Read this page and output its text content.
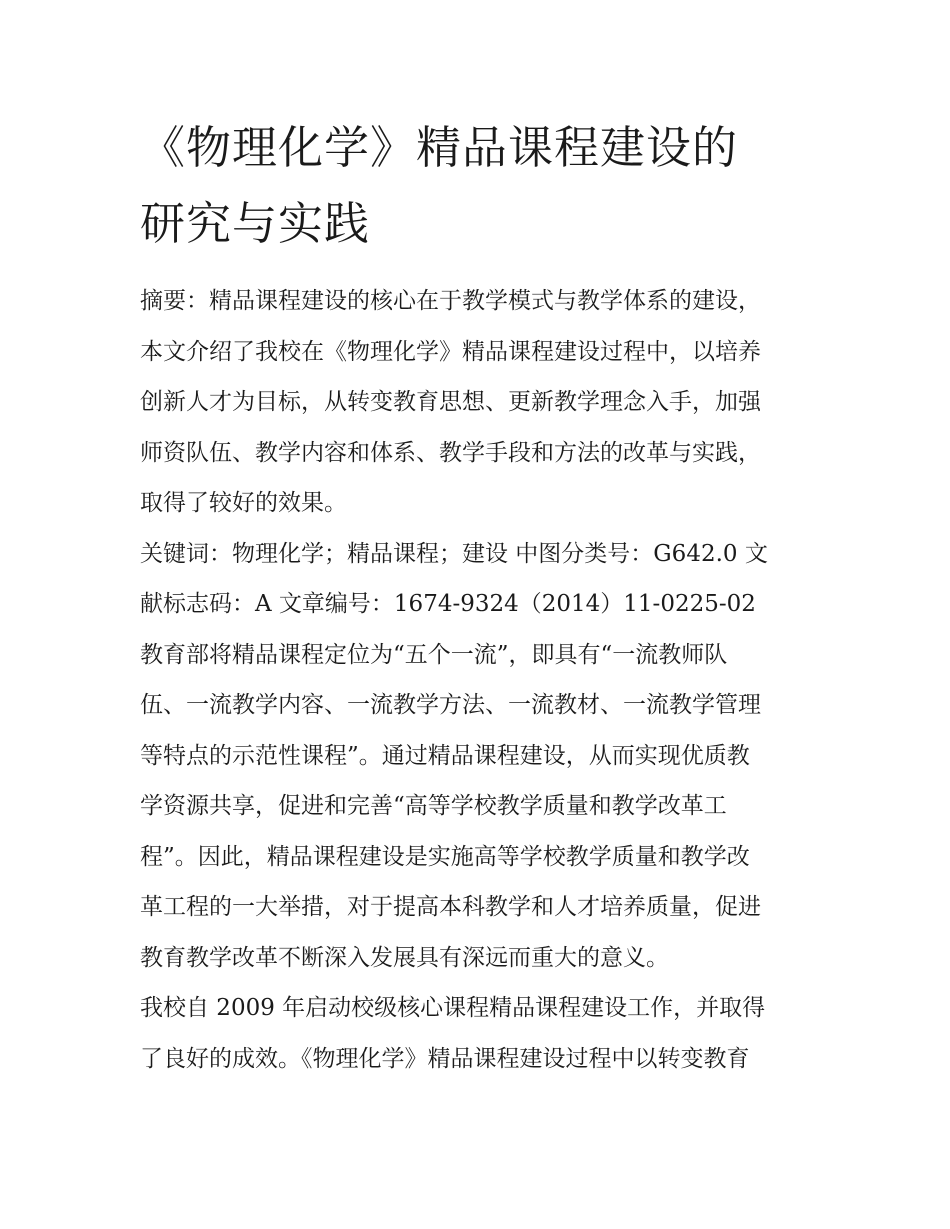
《物理化学》精品课程建设的
研究与实践

摘要：精品课程建设的核心在于教学模式与教学体系的建设，
本文介绍了我校在《物理化学》精品课程建设过程中，以培养
创新人才为目标，从转变教育思想、更新教学理念入手，加强
师资队伍、教学内容和体系、教学手段和方法的改革与实践，
取得了较好的效果。

关键词：物理化学；精品课程；建设 中图分类号：G642.0 文
献标志码：A 文章编号：1674-9324（2014）11-0225-02

教育部将精品课程定位为“五个一流”，即具有“一流教师队
伍、一流教学内容、一流教学方法、一流教材、一流教学管理
等特点的示范性课程”。通过精品课程建设，从而实现优质教
学资源共享，促进和完善“高等学校教学质量和教学改革工
程”。因此，精品课程建设是实施高等学校教学质量和教学改
革工程的一大举措，对于提高本科教学和人才培养质量，促进
教育教学改革不断深入发展具有深远而重大的意义。

我校自 2009 年启动校级核心课程精品课程建设工作，并取得
了良好的成效。《物理化学》精品课程建设过程中以转变教育
